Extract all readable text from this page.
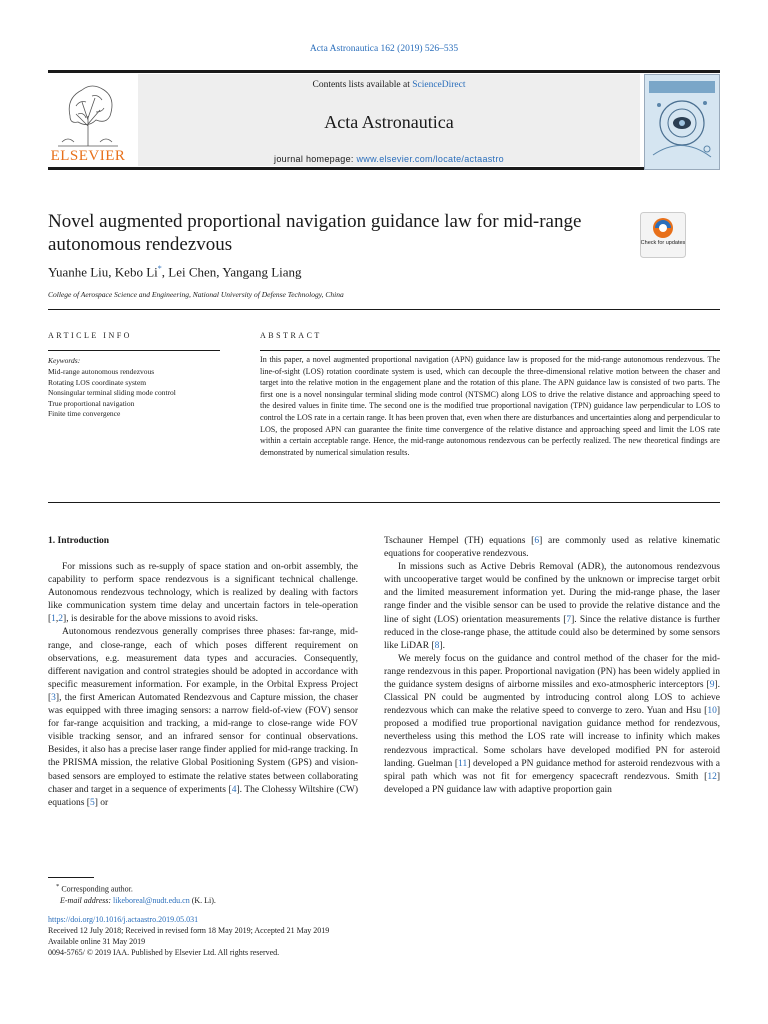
Acta Astronautica 162 (2019) 526–535
ELSEVIER
Contents lists available at ScienceDirect
Acta Astronautica
journal homepage: www.elsevier.com/locate/actaastro
Novel augmented proportional navigation guidance law for mid-range
autonomous rendezvous	Check for updates
Yuanhe Liu, Kebo Li*, Lei Chen, Yangang Liang
College of Aerospace Science and Engineering, National University of Defense Technology, China
ARTICLE INFO
Keywords:
Mid-range autonomous rendezvous
Rotating LOS coordinate system
Nonsingular terminal sliding mode control
True proportional navigation
Finite time convergence
ABSTRACT
In this paper, a novel augmented proportional navigation (APN) guidance law is proposed for the mid-range autonomous rendezvous. The line-of-sight (LOS) rotation coordinate system is used, which can decouple the three-dimensional relative motion between the chaser and target into the relative motion in the engagement plane and the rotation of this plane. The APN guidance law is consisted of two parts. The first one is a novel nonsingular terminal sliding mode control (NTSMC) along LOS to drive the relative distance and approaching speed to the desired values in finite time. The second one is the modified true proportional navigation (TPN) guidance law perpendicular to LOS to control the LOS rate in a certain range. It has been proven that, even when there are disturbances and uncertainties along and perpendicular to LOS, the proposed APN can guarantee the finite time convergence of the relative distance and approaching speed and limit the LOS rate within a certain acceptable range. Hence, the mid-range autonomous rendezvous can be perfectly realized. The new theoretical findings are demonstrated by numerical simulation results.
1. Introduction

For missions such as re-supply of space station and on-orbit assembly, the capability to perform space rendezvous is a significant technical challenge. Autonomous rendezvous technology, which is realized by dealing with factors like communication system time delay and uncertain factors in tele-operation [1,2], is desirable for the above missions to avoid risks.

Autonomous rendezvous generally comprises three phases: far-range, mid-range, and close-range, each of which poses different requirement on observations, e.g. measurement data types and accuracies. Consequently, different navigation and control strategies should be adopted in accordance with specific measurement information. For example, in the Orbital Express Project [3], the first American Automated Rendezvous and Capture mission, the chaser was equipped with three imaging sensors: a narrow field-of-view (FOV) sensor for far-range acquisition and tracking, a mid-range to close-range wide FOV visible tracking sensor, and an infrared sensor for continual observations. Besides, it also has a precise laser range finder applied for mid-range tracking. In the PRISMA mission, the relative Global Positioning System (GPS) and vision-based sensors are employed to estimate the relative states between collaborating chaser and target in a sequence of experiments [4]. The Clohessy Wiltshire (CW) equations [5] or

Tschauner Hempel (TH) equations [6] are commonly used as relative kinematic equations for cooperative rendezvous.

In missions such as Active Debris Removal (ADR), the autonomous rendezvous with uncooperative target would be confined by the unknown or imprecise target orbit and the limited measurement information yet. During the mid-range phase, the laser range finder and the visible sensor can be used to provide the relative distance and the line of sight (LOS) orientation measurements [7]. Since the relative distance is further reduced in the close-range phase, the attitude could also be determined by some sensors like LiDAR [8].

We merely focus on the guidance and control method of the chaser for the mid-range rendezvous in this paper. Proportional navigation (PN) has been widely applied in the guidance system designs of airborne missiles and exo-atmospheric interceptors [9]. Classical PN could be augmented by introducing control along LOS to achieve rendezvous which can make the relative speed to converge to zero. Yuan and Hsu [10] proposed a modified true proportional navigation guidance method for rendezvous, nevertheless using this method the LOS rate will increase to infinity which makes rendezvous impractical. Some scholars have developed modified PN for asteroid landing. Guelman [11] developed a PN guidance method for asteroid rendezvous with a spiral path which was not fit for emergency spacecraft rendezvous. Smith [12] developed a PN guidance law with adaptive proportion gain

* Corresponding author.
E-mail address: likeboreal@nudt.edu.cn (K. Li).
https://doi.org/10.1016/j.actaastro.2019.05.031
Received 12 July 2018; Received in revised form 18 May 2019; Accepted 21 May 2019
Available online 31 May 2019
0094-5765/ © 2019 IAA. Published by Elsevier Ltd. All rights reserved.
